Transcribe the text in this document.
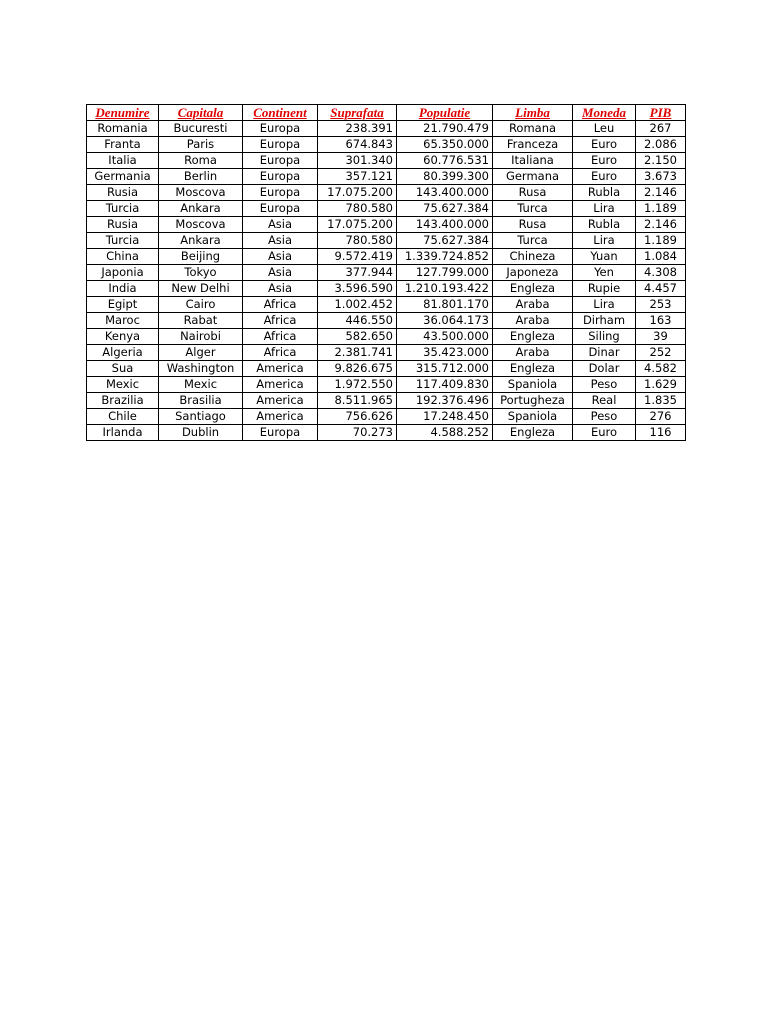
Denumire	Capitala	Continent	Suprafata	Populatie	Limba	Moneda	PIB
Romania	Bucuresti	Europa	238.391	21.790.479	Romana	Leu	267
Franta	Paris	Europa	674.843	65.350.000	Franceza	Euro	2.086
Italia	Roma	Europa	301.340	60.776.531	Italiana	Euro	2.150
Germania	Berlin	Europa	357.121	80.399.300	Germana	Euro	3.673
Rusia	Moscova	Europa	17.075.200	143.400.000	Rusa	Rubla	2.146
Turcia	Ankara	Europa	780.580	75.627.384	Turca	Lira	1.189
Rusia	Moscova	Asia	17.075.200	143.400.000	Rusa	Rubla	2.146
Turcia	Ankara	Asia	780.580	75.627.384	Turca	Lira	1.189
China	Beijing	Asia	9.572.419	1.339.724.852	Chineza	Yuan	1.084
Japonia	Tokyo	Asia	377.944	127.799.000	Japoneza	Yen	4.308
India	New Delhi	Asia	3.596.590	1.210.193.422	Engleza	Rupie	4.457
Egipt	Cairo	Africa	1.002.452	81.801.170	Araba	Lira	253
Maroc	Rabat	Africa	446.550	36.064.173	Araba	Dirham	163
Kenya	Nairobi	Africa	582.650	43.500.000	Engleza	Siling	39
Algeria	Alger	Africa	2.381.741	35.423.000	Araba	Dinar	252
Sua	Washington	America	9.826.675	315.712.000	Engleza	Dolar	4.582
Mexic	Mexic	America	1.972.550	117.409.830	Spaniola	Peso	1.629
Brazilia	Brasilia	America	8.511.965	192.376.496	Portugheza	Real	1.835
Chile	Santiago	America	756.626	17.248.450	Spaniola	Peso	276
Irlanda	Dublin	Europa	70.273	4.588.252	Engleza	Euro	116
